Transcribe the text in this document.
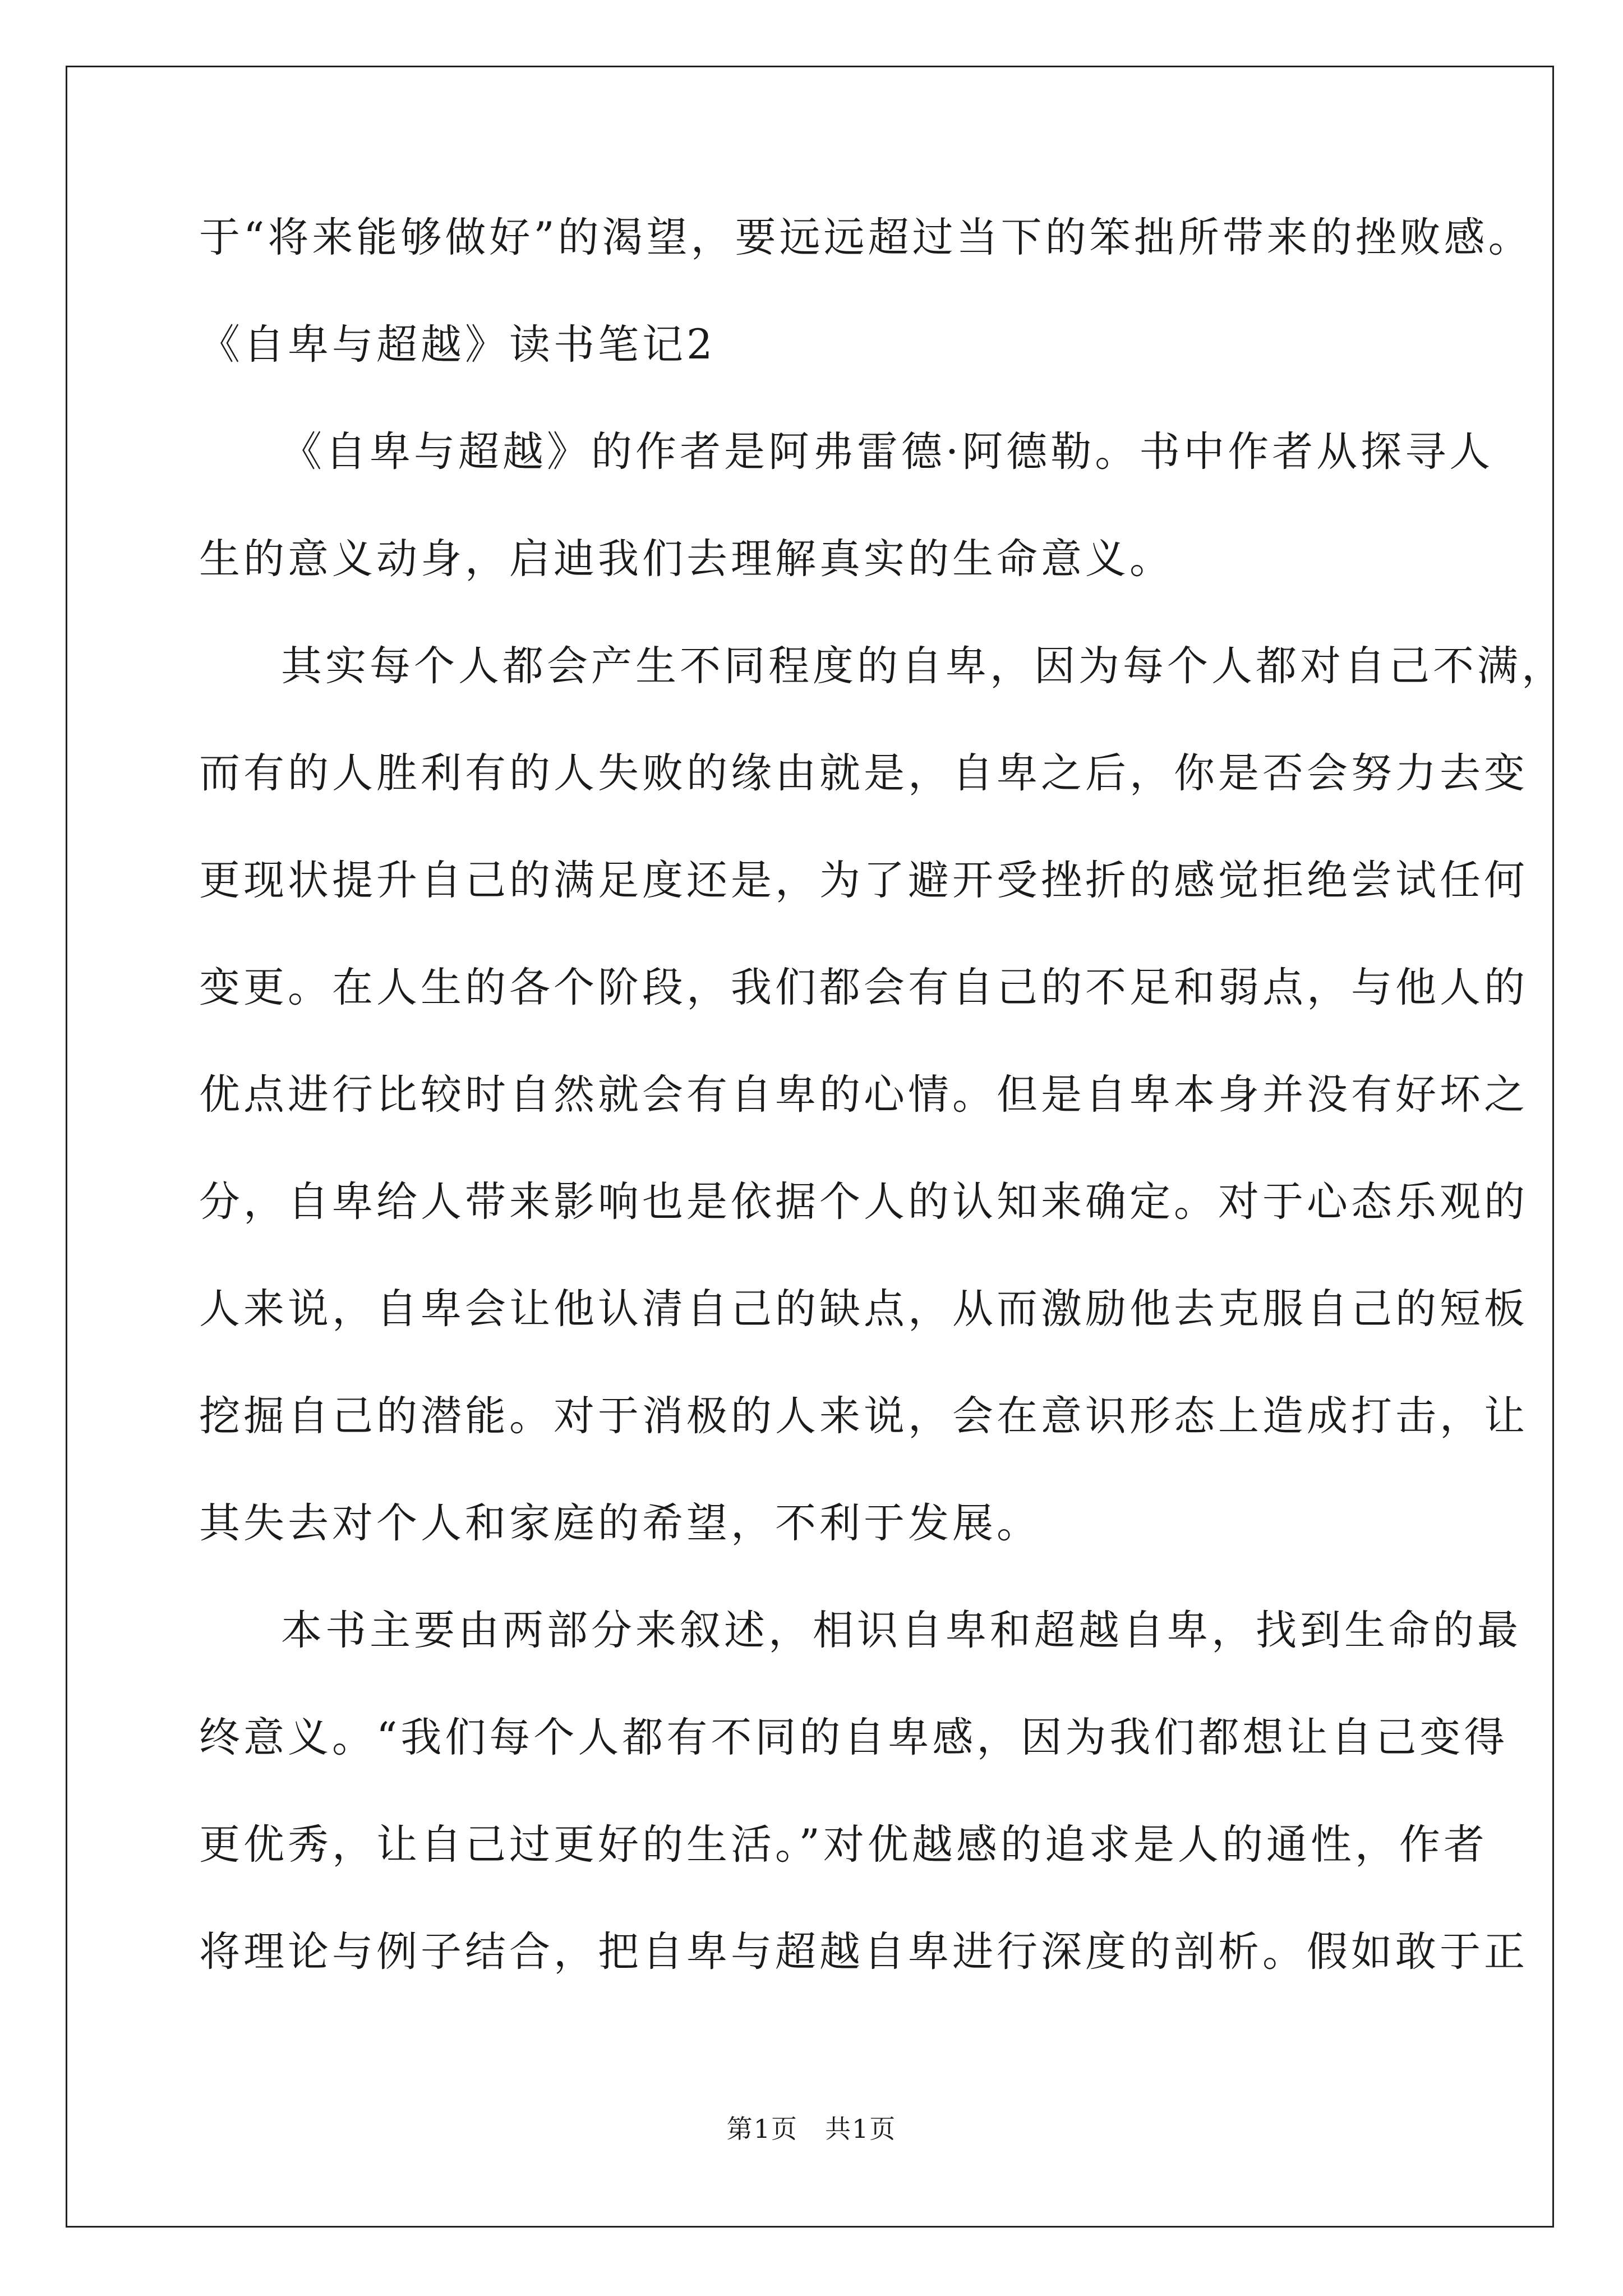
于“将来能够做好”的渴望，要远远超过当下的笨拙所带来的挫败感。
《自卑与超越》读书笔记2
《自卑与超越》的作者是阿弗雷德·阿德勒。书中作者从探寻人
生的意义动身，启迪我们去理解真实的生命意义。
其实每个人都会产生不同程度的自卑，因为每个人都对自己不满，
而有的人胜利有的人失败的缘由就是，自卑之后，你是否会努力去变
更现状提升自己的满足度还是，为了避开受挫折的感觉拒绝尝试任何
变更。在人生的各个阶段，我们都会有自己的不足和弱点，与他人的
优点进行比较时自然就会有自卑的心情。但是自卑本身并没有好坏之
分，自卑给人带来影响也是依据个人的认知来确定。对于心态乐观的
人来说，自卑会让他认清自己的缺点，从而激励他去克服自己的短板
挖掘自己的潜能。对于消极的人来说，会在意识形态上造成打击，让
其失去对个人和家庭的希望，不利于发展。
本书主要由两部分来叙述，相识自卑和超越自卑，找到生命的最
终意义。“我们每个人都有不同的自卑感，因为我们都想让自己变得
更优秀，让自己过更好的生活。”对优越感的追求是人的通性，作者
将理论与例子结合，把自卑与超越自卑进行深度的剖析。假如敢于正
第1页　共1页
